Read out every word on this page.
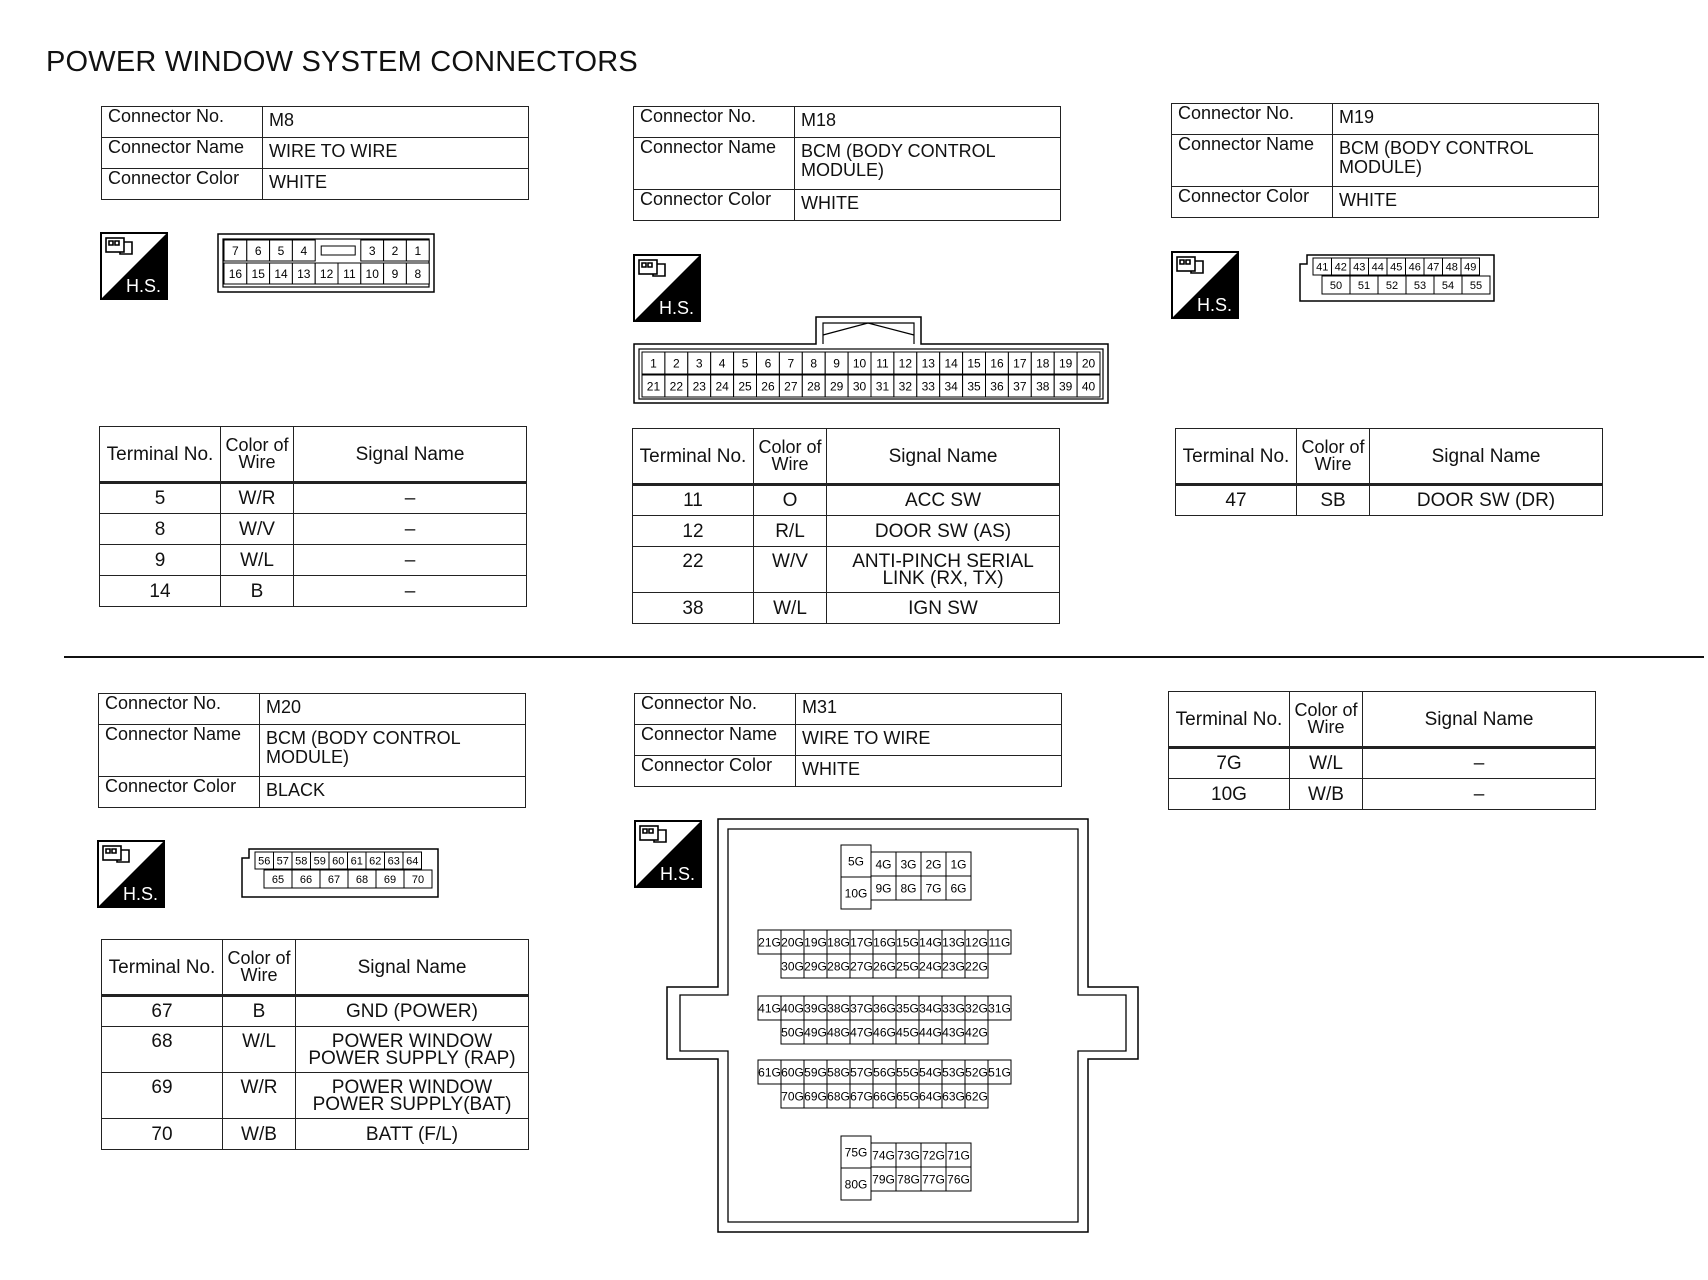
POWER WINDOW SYSTEM CONNECTORS
Connector No.	M8
Connector Name	WIRE TO WIRE
Connector Color	WHITE
H.S.
7 6 5 4	3 2 1
16 15 14 13 12 11 10 9 8
Terminal No.	Color of Wire	Signal Name
5	W/R	–
8	W/V	–
9	W/L	–
14	B	–
Connector No.	M18
Connector Name	BCM (BODY CONTROL MODULE)
Connector Color	WHITE
H.S.
1 2 3 4 5 6 7 8 9 10 11 12 13 14 15 16 17 18 19 20
21 22 23 24 25 26 27 28 29 30 31 32 33 34 35 36 37 38 39 40
Terminal No.	Color of Wire	Signal Name
11	O	ACC SW
12	R/L	DOOR SW (AS)
22	W/V	ANTI-PINCH SERIAL LINK (RX, TX)
38	W/L	IGN SW
Connector No.	M19
Connector Name	BCM (BODY CONTROL MODULE)
Connector Color	WHITE
H.S.
41 42 43 44 45 46 47 48 49
50 51 52 53 54 55
Terminal No.	Color of Wire	Signal Name
47	SB	DOOR SW (DR)
Connector No.	M20
Connector Name	BCM (BODY CONTROL MODULE)
Connector Color	BLACK
H.S.
56 57 58 59 60 61 62 63 64
65 66 67 68 69 70
Terminal No.	Color of Wire	Signal Name
67	B	GND (POWER)
68	W/L	POWER WINDOW POWER SUPPLY (RAP)
69	W/R	POWER WINDOW POWER SUPPLY(BAT)
70	W/B	BATT (F/L)
Connector No.	M31
Connector Name	WIRE TO WIRE
Connector Color	WHITE
H.S.
5G
10G
4G 3G 2G 1G
9G 8G 7G 6G
21G 20G 19G 18G 17G 16G 15G 14G 13G 12G 11G
30G 29G 28G 27G 26G 25G 24G 23G 22G
41G 40G 39G 38G 37G 36G 35G 34G 33G 32G 31G
50G 49G 48G 47G 46G 45G 44G 43G 42G
61G 60G 59G 58G 57G 56G 55G 54G 53G 52G 51G
70G 69G 68G 67G 66G 65G 64G 63G 62G
75G
80G
74G 73G 72G 71G
79G 78G 77G 76G
Terminal No.	Color of Wire	Signal Name
7G	W/L	–
10G	W/B	–
